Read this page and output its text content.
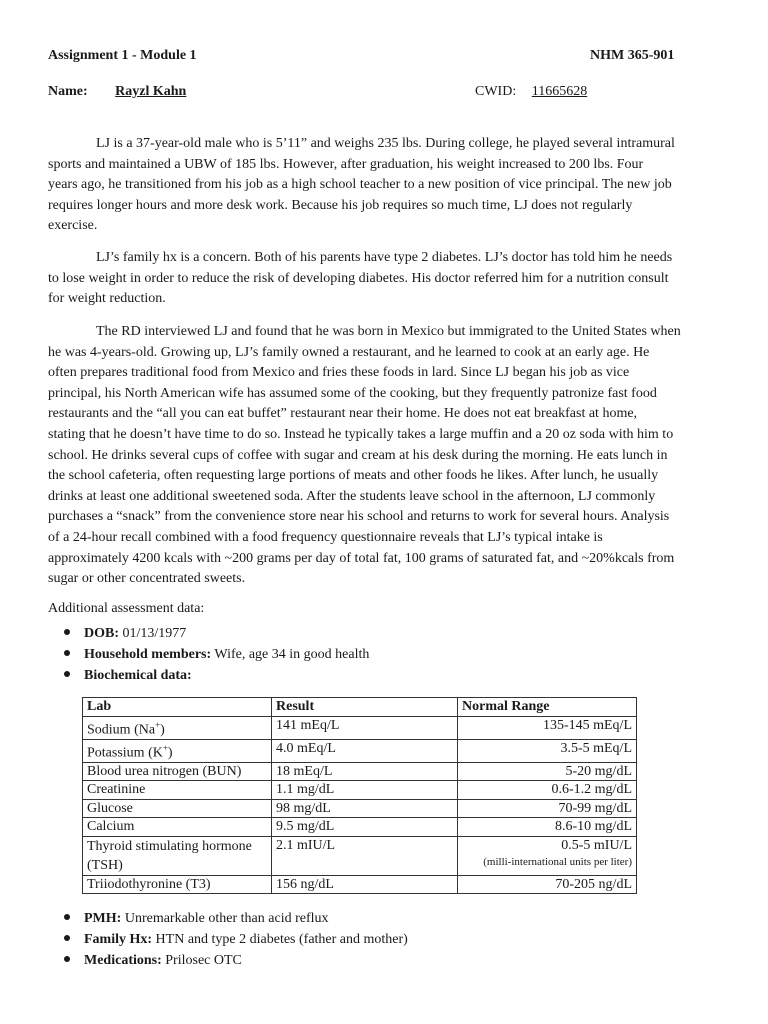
Assignment 1 - Module 1	NHM 365-901
Name: Rayzl Kahn	CWID: 11665628
LJ is a 37-year-old male who is 5’11” and weighs 235 lbs. During college, he played several intramural
sports and maintained a UBW of 185 lbs. However, after graduation, his weight increased to 200 lbs. Four
years ago, he transitioned from his job as a high school teacher to a new position of vice principal. The new job
requires longer hours and more desk work. Because his job requires so much time, LJ does not regularly
exercise.
LJ’s family hx is a concern. Both of his parents have type 2 diabetes. LJ’s doctor has told him he needs
to lose weight in order to reduce the risk of developing diabetes. His doctor referred him for a nutrition consult
for weight reduction.
The RD interviewed LJ and found that he was born in Mexico but immigrated to the United States when
he was 4-years-old. Growing up, LJ’s family owned a restaurant, and he learned to cook at an early age. He
often prepares traditional food from Mexico and fries these foods in lard. Since LJ began his job as vice
principal, his North American wife has assumed some of the cooking, but they frequently patronize fast food
restaurants and the “all you can eat buffet” restaurant near their home. He does not eat breakfast at home,
stating that he doesn’t have time to do so. Instead he typically takes a large muffin and a 20 oz soda with him to
school. He drinks several cups of coffee with sugar and cream at his desk during the morning. He eats lunch in
the school cafeteria, often requesting large portions of meats and other foods he likes. After lunch, he usually
drinks at least one additional sweetened soda. After the students leave school in the afternoon, LJ commonly
purchases a “snack” from the convenience store near his school and returns to work for several hours. Analysis
of a 24-hour recall combined with a food frequency questionnaire reveals that LJ’s typical intake is
approximately 4200 kcals with ~200 grams per day of total fat, 100 grams of saturated fat, and ~20%kcals from
sugar or other concentrated sweets.
Additional assessment data:
DOB: 01/13/1977
Household members: Wife, age 34 in good health
Biochemical data:
Lab	Result	Normal Range
Sodium (Na+)	141 mEq/L	135-145 mEq/L
Potassium (K+)	4.0 mEq/L	3.5-5 mEq/L
Blood urea nitrogen (BUN)	18 mEq/L	5-20 mg/dL
Creatinine	1.1 mg/dL	0.6-1.2 mg/dL
Glucose	98 mg/dL	70-99 mg/dL
Calcium	9.5 mg/dL	8.6-10 mg/dL
Thyroid stimulating hormone (TSH)	2.1 mIU/L	0.5-5 mIU/L
(milli-international units per liter)

Triiodothyronine (T3)	156 ng/dL	70-205 ng/dL
PMH: Unremarkable other than acid reflux
Family Hx: HTN and type 2 diabetes (father and mother)
Medications: Prilosec OTC
